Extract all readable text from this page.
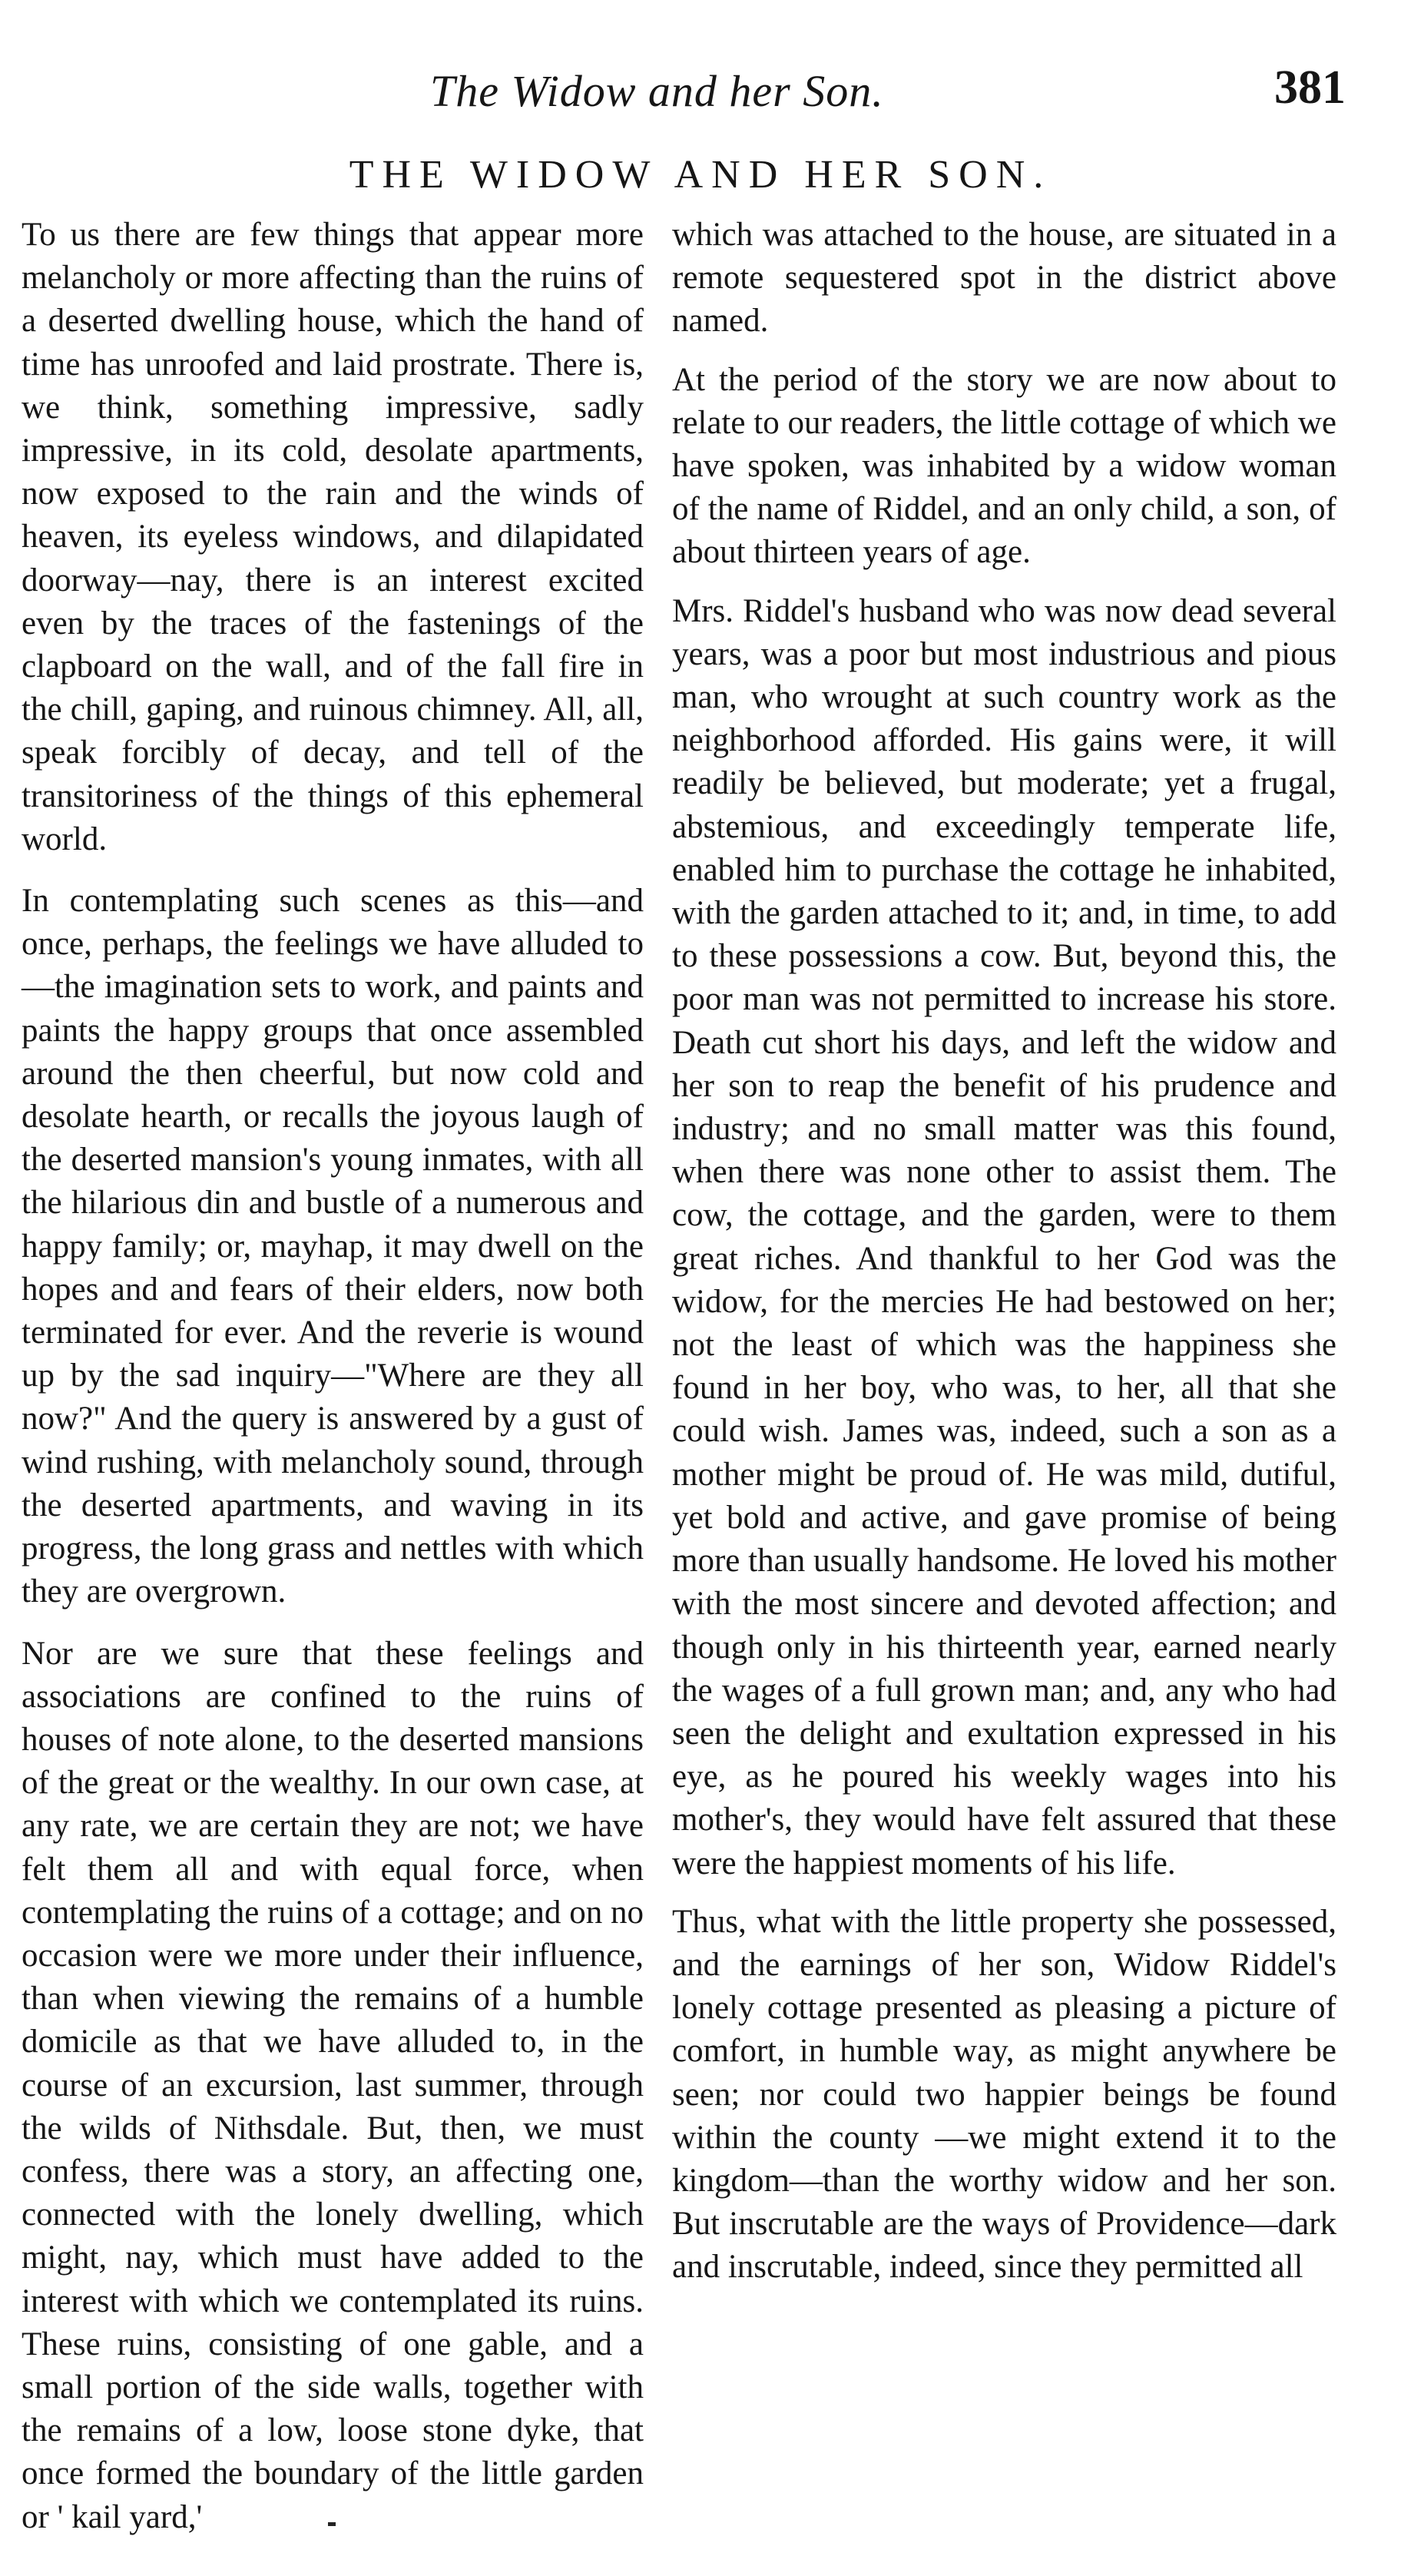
The Widow and her Son.	381
THE WIDOW AND HER SON.

To us there are few things that appear more melancholy or more affecting than the ruins of a deserted dwelling house, which the hand of time has unroofed and laid prostrate. There is, we think, something impressive, sadly impressive, in its cold, desolate apartments, now exposed to the rain and the winds of heaven, its eyeless windows, and dilapidated doorway—nay, there is an interest excited even by the traces of the fastenings of the clapboard on the wall, and of the fall fire in the chill, gaping, and ruinous chimney. All, all, speak forcibly of decay, and tell of the transitoriness of the things of this ephemeral world.

In contemplating such scenes as this—and once, perhaps, the feelings we have alluded to—the imagination sets to work, and paints and paints the happy groups that once assembled around the then cheerful, but now cold and desolate hearth, or recalls the joyous laugh of the deserted mansion's young inmates, with all the hilarious din and bustle of a numerous and happy family; or, mayhap, it may dwell on the hopes and and fears of their elders, now both terminated for ever. And the reverie is wound up by the sad inquiry—"Where are they all now?" And the query is answered by a gust of wind rushing, with melancholy sound, through the deserted apartments, and waving in its progress, the long grass and nettles with which they are overgrown.

Nor are we sure that these feelings and associations are confined to the ruins of houses of note alone, to the deserted mansions of the great or the wealthy. In our own case, at any rate, we are certain they are not; we have felt them all and with equal force, when contemplating the ruins of a cottage; and on no occasion were we more under their influence, than when viewing the remains of a humble domicile as that we have alluded to, in the course of an excursion, last summer, through the wilds of Nithsdale. But, then, we must confess, there was a story, an affecting one, connected with the lonely dwelling, which might, nay, which must have added to the interest with which we contemplated its ruins. These ruins, consisting of one gable, and a small portion of the side walls, together with the remains of a low, loose stone dyke, that once formed the boundary of the little garden or ' kail yard,'

which was attached to the house, are situated in a remote sequestered spot in the district above named.

At the period of the story we are now about to relate to our readers, the little cottage of which we have spoken, was inhabited by a widow woman of the name of Riddel, and an only child, a son, of about thirteen years of age.

Mrs. Riddel's husband who was now dead several years, was a poor but most industrious and pious man, who wrought at such country work as the neighborhood afforded. His gains were, it will readily be believed, but moderate; yet a frugal, abstemious, and exceedingly temperate life, enabled him to purchase the cottage he inhabited, with the garden attached to it; and, in time, to add to these possessions a cow. But, beyond this, the poor man was not permitted to increase his store. Death cut short his days, and left the widow and her son to reap the benefit of his prudence and industry; and no small matter was this found, when there was none other to assist them. The cow, the cottage, and the garden, were to them great riches. And thankful to her God was the widow, for the mercies He had bestowed on her; not the least of which was the happiness she found in her boy, who was, to her, all that she could wish. James was, indeed, such a son as a mother might be proud of. He was mild, dutiful, yet bold and active, and gave promise of being more than usually handsome. He loved his mother with the most sincere and devoted affection; and though only in his thirteenth year, earned nearly the wages of a full grown man; and, any who had seen the delight and exultation expressed in his eye, as he poured his weekly wages into his mother's, they would have felt assured that these were the happiest moments of his life.

Thus, what with the little property she possessed, and the earnings of her son, Widow Riddel's lonely cottage presented as pleasing a picture of comfort, in humble way, as might anywhere be seen; nor could two happier beings be found within the county —we might extend it to the kingdom—than the worthy widow and her son. But inscrutable are the ways of Providence—dark and inscrutable, indeed, since they permitted all
